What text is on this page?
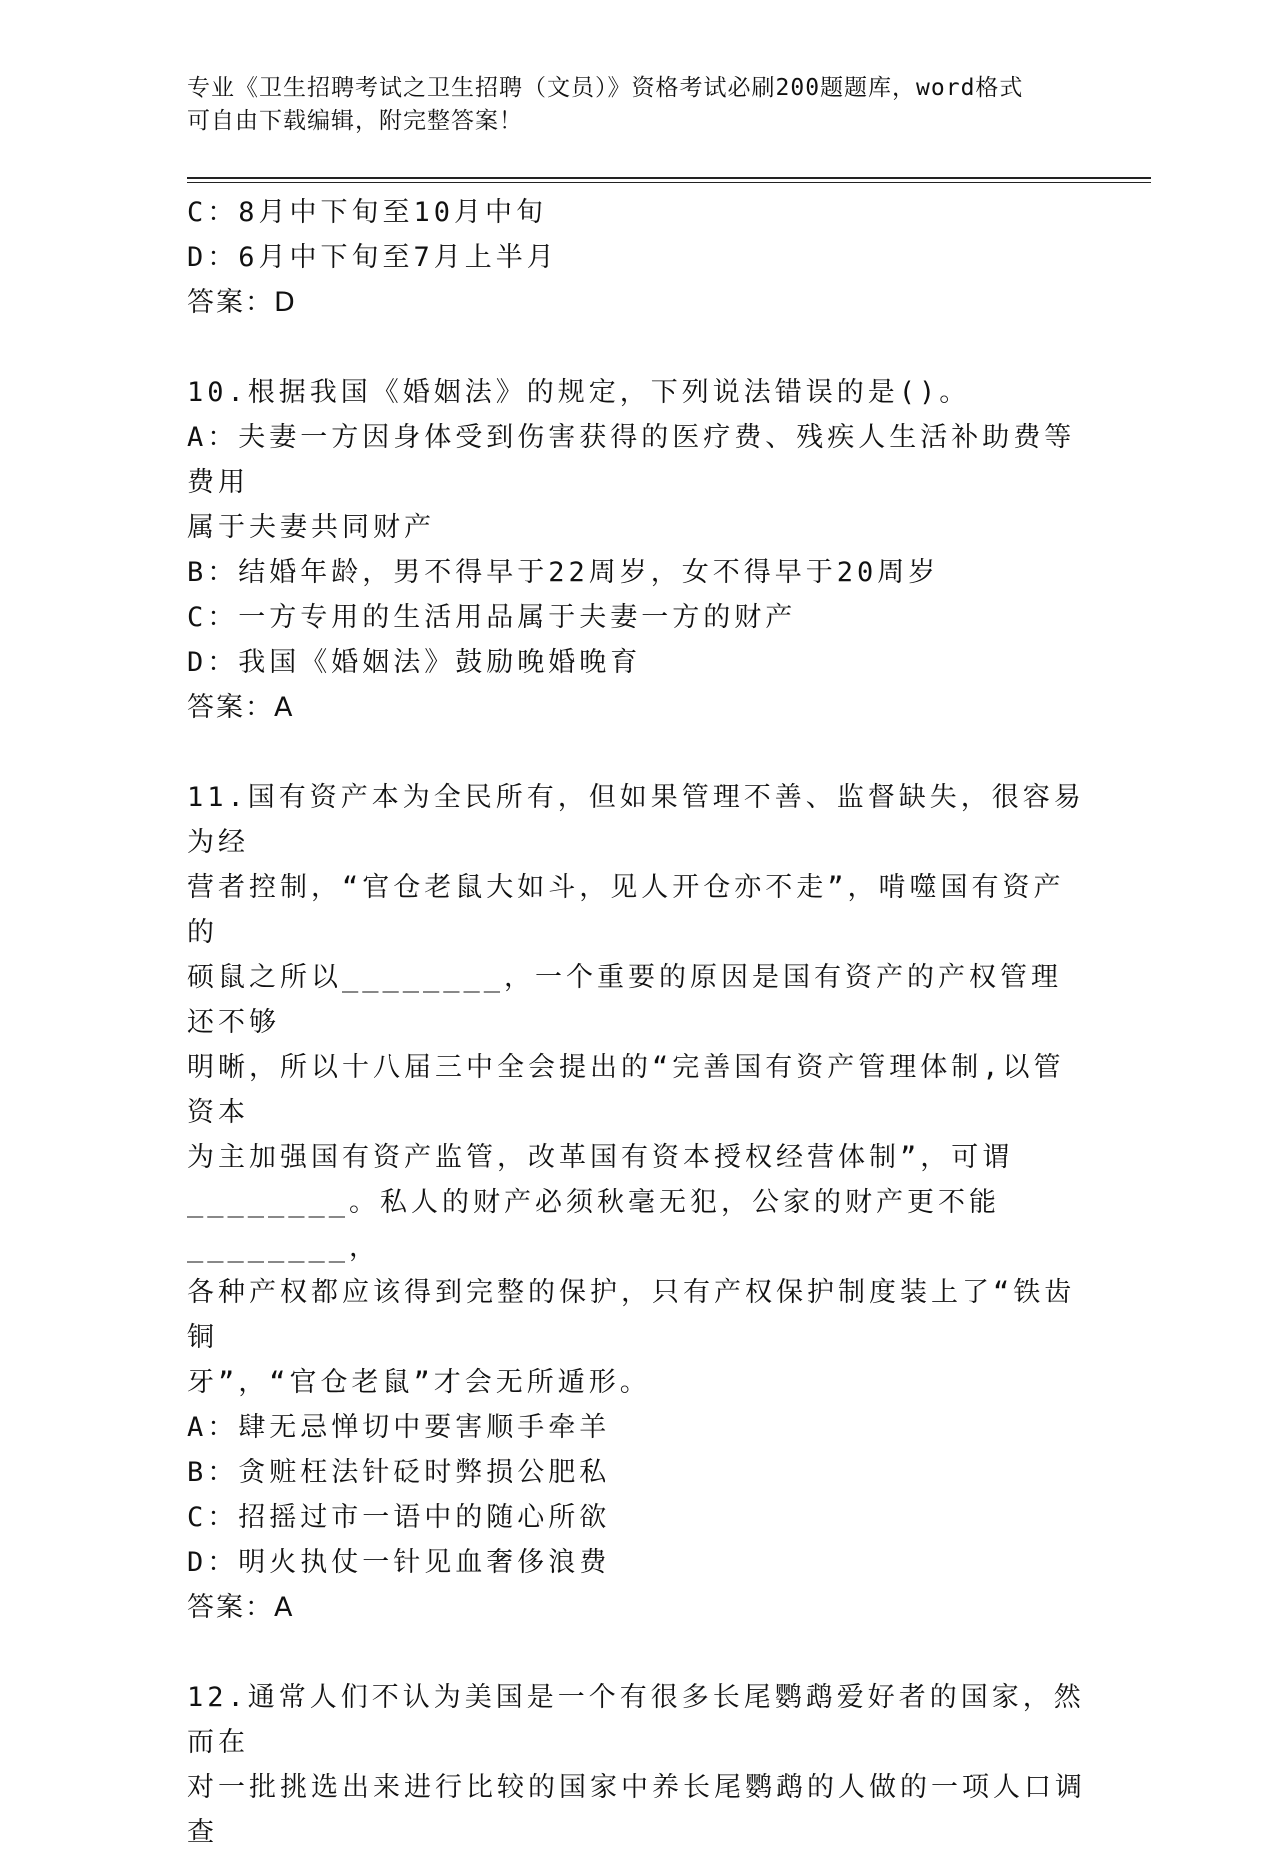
专业《卫生招聘考试之卫生招聘（文员）》资格考试必刷200题题库，word格式

可自由下载编辑，附完整答案！

C：8月中下旬至10月中旬

D：6月中下旬至7月上半月

答案：D

10.根据我国《婚姻法》的规定，下列说法错误的是()。

A：夫妻一方因身体受到伤害获得的医疗费、残疾人生活补助费等费用

属于夫妻共同财产

B：结婚年龄，男不得早于22周岁，女不得早于20周岁

C：一方专用的生活用品属于夫妻一方的财产

D：我国《婚姻法》鼓励晚婚晚育

答案：A

11.国有资产本为全民所有，但如果管理不善、监督缺失，很容易为经

营者控制，“官仓老鼠大如斗，见人开仓亦不走”，啃噬国有资产的

硕鼠之所以________，一个重要的原因是国有资产的产权管理还不够

明晰，所以十八届三中全会提出的“完善国有资产管理体制,以管资本

为主加强国有资产监管，改革国有资本授权经营体制”，可谓

________。私人的财产必须秋毫无犯，公家的财产更不能________，

各种产权都应该得到完整的保护，只有产权保护制度装上了“铁齿铜

牙”，“官仓老鼠”才会无所遁形。

A：肆无忌惮切中要害顺手牵羊

B：贪赃枉法针砭时弊损公肥私

C：招摇过市一语中的随心所欲

D：明火执仗一针见血奢侈浪费

答案：A

12.通常人们不认为美国是一个有很多长尾鹦鹉爱好者的国家，然而在

对一批挑选出来进行比较的国家中养长尾鹦鹉的人做的一项人口调查
